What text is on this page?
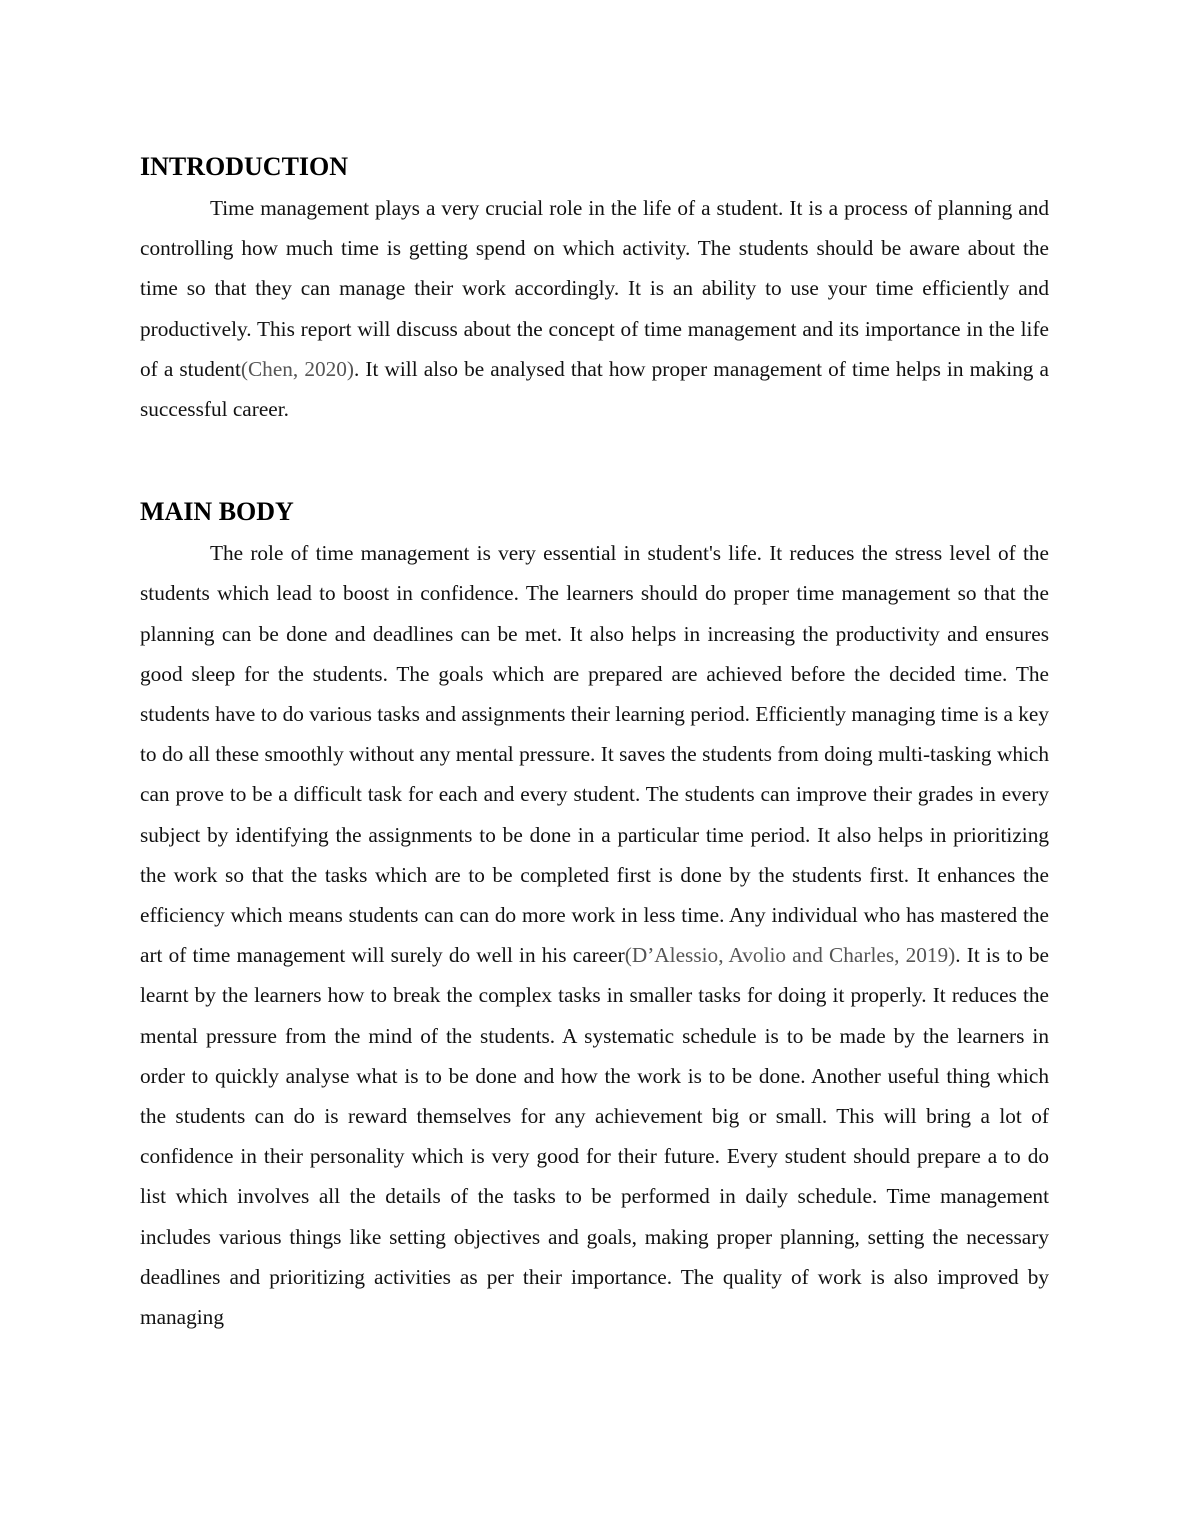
INTRODUCTION

Time management plays a very crucial role in the life of a student. It is a process of planning and controlling how much time is getting spend on which activity. The students should be aware about the time so that they can manage their work accordingly. It is an ability to use your time efficiently and productively. This report will discuss about the concept of time management and its importance in the life of a student(Chen, 2020). It will also be analysed that how proper management of time helps in making a successful career.

MAIN BODY

The role of time management is very essential in student's life. It reduces the stress level of the students which lead to boost in confidence. The learners should do proper time management so that the planning can be done and deadlines can be met. It also helps in increasing the productivity and ensures good sleep for the students. The goals which are prepared are achieved before the decided time. The students have to do various tasks and assignments their learning period. Efficiently managing time is a key to do all these smoothly without any mental pressure. It saves the students from doing multi-tasking which can prove to be a difficult task for each and every student. The students can improve their grades in every subject by identifying the assignments to be done in a particular time period. It also helps in prioritizing the work so that the tasks which are to be completed first is done by the students first. It enhances the efficiency which means students can can do more work in less time. Any individual who has mastered the art of time management will surely do well in his career(D’Alessio, Avolio and Charles, 2019). It is to be learnt by the learners how to break the complex tasks in smaller tasks for doing it properly. It reduces the mental pressure from the mind of the students. A systematic schedule is to be made by the learners in order to quickly analyse what is to be done and how the work is to be done. Another useful thing which the students can do is reward themselves for any achievement big or small. This will bring a lot of confidence in their personality which is very good for their future. Every student should prepare a to do list which involves all the details of the tasks to be performed in daily schedule. Time management includes various things like setting objectives and goals, making proper planning, setting the necessary deadlines and prioritizing activities as per their importance. The quality of work is also improved by managing
